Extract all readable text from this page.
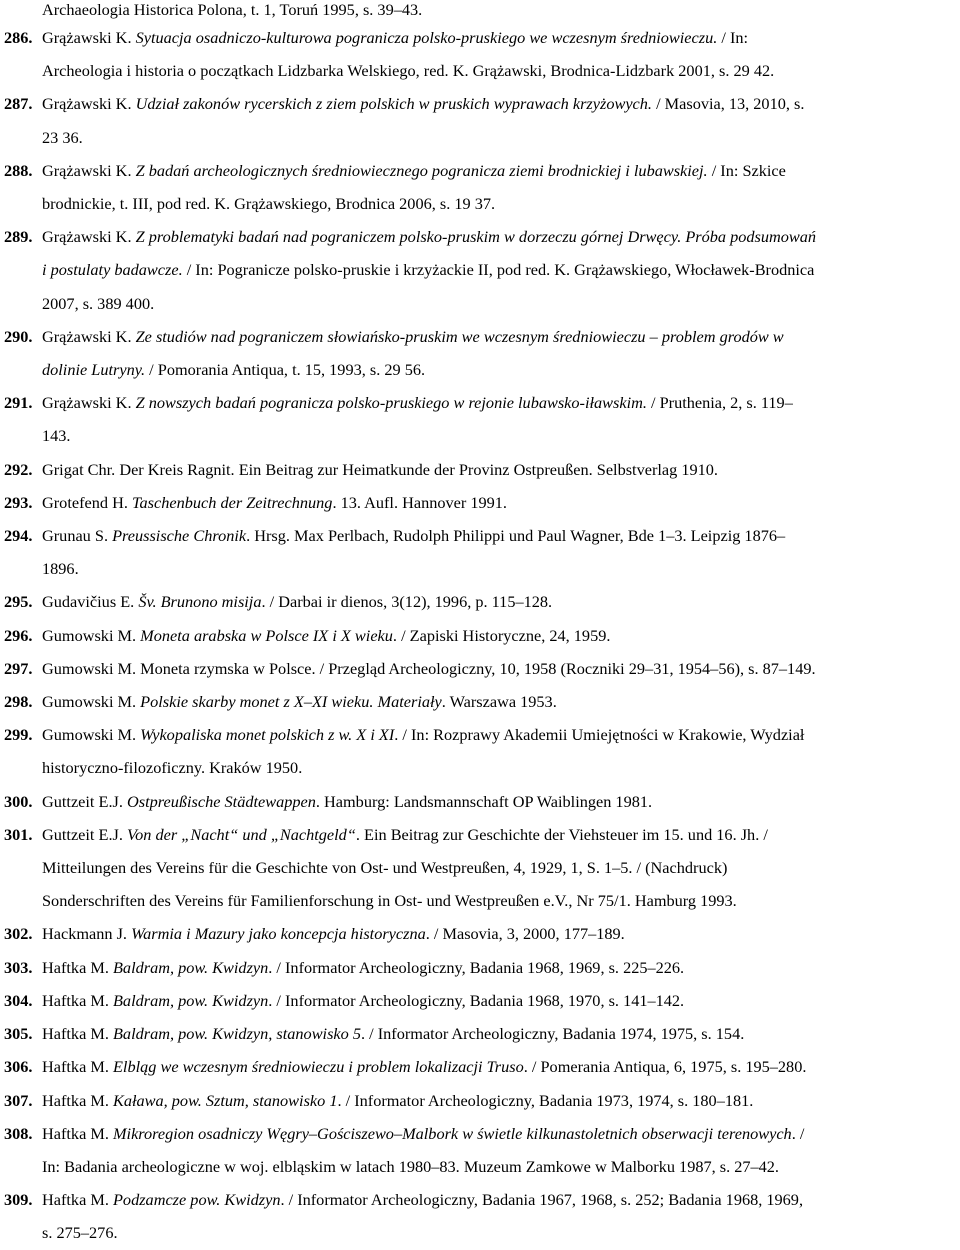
Archaeologia Historica Polona, t. 1, Toruń 1995, s. 39–43.
286. Grążawski K. Sytuacja osadniczo-kulturowa pogranicza polsko-pruskiego we wczesnym średniowieczu. / In:
Archeologia i historia o początkach Lidzbarka Welskiego, red. K. Grążawski, Brodnica-Lidzbark 2001, s. 29 42.
287. Grążawski K. Udział zakonów rycerskich z ziem polskich w pruskich wyprawach krzyżowych. / Masovia, 13, 2010, s.
23 36.
288. Grążawski K. Z badań archeologicznych średniowiecznego pogranicza ziemi brodnickiej i lubawskiej. / In: Szkice
brodnickie, t. III, pod red. K. Grążawskiego, Brodnica 2006, s. 19 37.
289. Grążawski K. Z problematyki badań nad pograniczem polsko-pruskim w dorzeczu górnej Drwęcy. Próba podsumowań
i postulaty badawcze. / In: Pogranicze polsko-pruskie i krzyżackie II, pod red. K. Grążawskiego, Włocławek-Brodnica
2007, s. 389 400.
290. Grążawski K. Ze studiów nad pograniczem słowiańsko-pruskim we wczesnym średniowieczu – problem grodów w
dolinie Lutryny. / Pomorania Antiqua, t. 15, 1993, s. 29 56.
291. Grążawski K. Z nowszych badań pogranicza polsko-pruskiego w rejonie lubawsko-iławskim. / Pruthenia, 2, s. 119–
143.
292. Grigat Chr. Der Kreis Ragnit. Ein Beitrag zur Heimatkunde der Provinz Ostpreußen. Selbstverlag 1910.
293. Grotefend H. Taschenbuch der Zeitrechnung. 13. Aufl. Hannover 1991.
294. Grunau S. Preussische Chronik. Hrsg. Max Perlbach, Rudolph Philippi und Paul Wagner, Bde 1–3. Leipzig 1876–
1896.
295. Gudavičius E. Šv. Brunono misija. / Darbai ir dienos, 3(12), 1996, p. 115–128.
296. Gumowski M. Moneta arabska w Polsce IX i X wieku. / Zapiski Historyczne, 24, 1959.
297. Gumowski M. Moneta rzymska w Polsce. / Przegląd Archeologiczny, 10, 1958 (Roczniki 29–31, 1954–56), s. 87–149.
298. Gumowski M. Polskie skarby monet z X–XI wieku. Materiały. Warszawa 1953.
299. Gumowski M. Wykopaliska monet polskich z w. X i XI. / In: Rozprawy Akademii Umiejętności w Krakowie, Wydział
historyczno-filozoficzny. Kraków 1950.
300. Guttzeit E.J. Ostpreußische Städtewappen. Hamburg: Landsmannschaft OP Waiblingen 1981.
301. Guttzeit E.J. Von der „Nacht“ und „Nachtgeld“. Ein Beitrag zur Geschichte der Viehsteuer im 15. und 16. Jh. /
Mitteilungen des Vereins für die Geschichte von Ost- und Westpreußen, 4, 1929, 1, S. 1–5. / (Nachdruck)
Sonderschriften des Vereins für Familienforschung in Ost- und Westpreußen e.V., Nr 75/1. Hamburg 1993.
302. Hackmann J. Warmia i Mazury jako koncepcja historyczna. / Masovia, 3, 2000, 177–189.
303. Haftka M. Baldram, pow. Kwidzyn. / Informator Archeologiczny, Badania 1968, 1969, s. 225–226.
304. Haftka M. Baldram, pow. Kwidzyn. / Informator Archeologiczny, Badania 1968, 1970, s. 141–142.
305. Haftka M. Baldram, pow. Kwidzyn, stanowisko 5. / Informator Archeologiczny, Badania 1974, 1975, s. 154.
306. Haftka M. Elbląg we wczesnym średniowieczu i problem lokalizacji Truso. / Pomerania Antiqua, 6, 1975, s. 195–280.
307. Haftka M. Kaława, pow. Sztum, stanowisko 1. / Informator Archeologiczny, Badania 1973, 1974, s. 180–181.
308. Haftka M. Mikroregion osadniczy Węgry–Gościszewo–Malbork w świetle kilkunastoletnich obserwacji terenowych. /
In: Badania archeologiczne w woj. elbląskim w latach 1980–83. Muzeum Zamkowe w Malborku 1987, s. 27–42.
309. Haftka M. Podzamcze pow. Kwidzyn. / Informator Archeologiczny, Badania 1967, 1968, s. 252; Badania 1968, 1969,
s. 275–276.
